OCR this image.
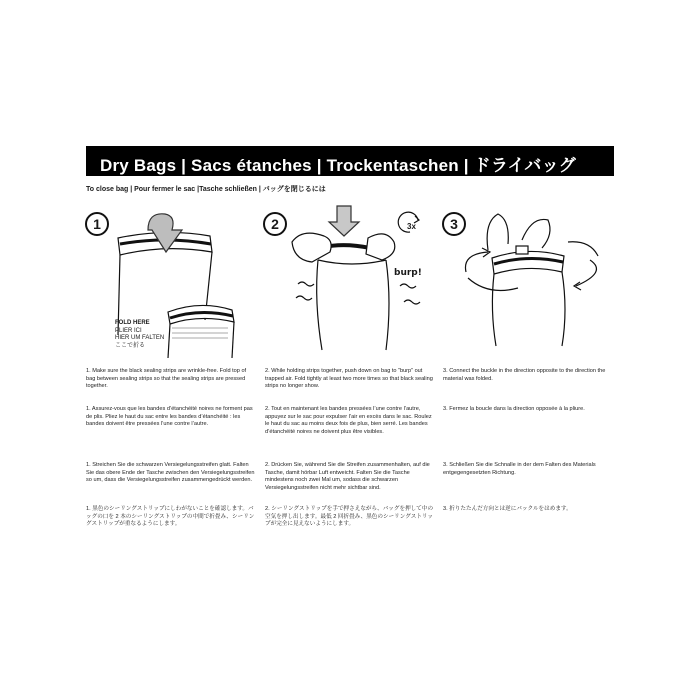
Dry Bags | Sacs étanches | Trockentaschen | ドライバッグ
To close bag | Pour fermer le sac |Tasche schließen | バッグを閉じるには
1	2	3
FOLD HERE
PLIER ICI
HIER UM FALTEN
ここで折る
3x
burp!

1. Make sure the black sealing strips are wrinkle-free. Fold top of bag between sealing strips so that the sealing strips are pressed together.

1. Assurez-vous que les bandes d’étanchéité noires ne forment pas de plis. Pliez le haut du sac entre les bandes d’étanchéité : les bandes doivent être pressées l’une contre l’autre.

1. Streichen Sie die schwarzen Versiegelungsstreifen glatt. Falten Sie das obere Ende der Tasche zwischen den Versiegelungsstreifen so um, dass die Versiegelungsstreifen zusammengedrückt werden.

1. 黒色のシーリングストリップにしわがないことを確認します。バッグの口を 2 本のシーリングストリップの中間で折畳み、シーリングストリップが重なるようにします。

2. While holding strips together, push down on bag to “burp” out trapped air. Fold tightly at least two more times so that black sealing strips no longer show.

2. Tout en maintenant les bandes pressées l’une contre l’autre, appuyez sur le sac pour expulser l’air en excès dans le sac. Roulez le haut du sac au moins deux fois de plus, bien serré. Les bandes d’étanchéité noires ne doivent plus être visibles.

2. Drücken Sie, während Sie die Streifen zusammenhalten, auf die Tasche, damit hörbar Luft entweicht. Falten Sie die Tasche mindestens noch zwei Mal um, sodass die schwarzen Versiegelungsstreifen nicht mehr sichtbar sind.

2. シーリングストリップを手で押さえながら、バッグを押して中の空気を押し出します。最低 2 回折畳み、黒色のシーリングストリップが完全に見えないようにします。

3. Connect the buckle in the direction opposite to the direction the material was folded.

3. Fermez la boucle dans la direction opposée à la pliure.

3. Schließen Sie die Schnalle in der dem Falten des Materials entgegengesetzten Richtung.

3. 折りたたんだ方向とは逆にバックルをはめます。
